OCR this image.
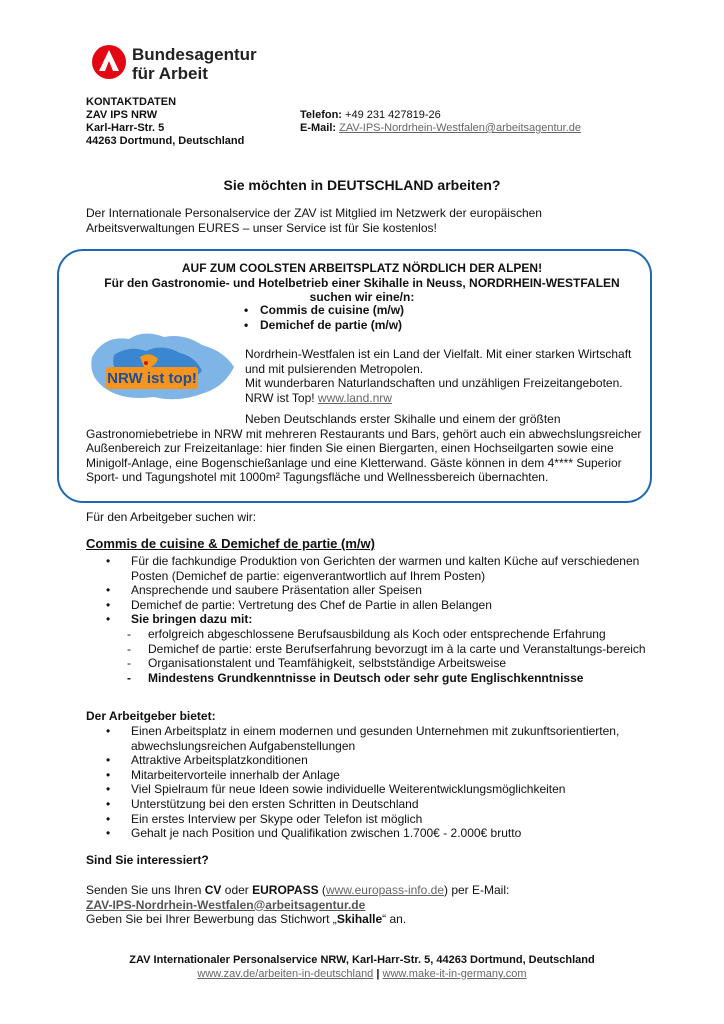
Bundesagentur
für Arbeit
KONTAKTDATEN
ZAV IPS NRW
Karl-Harr-Str. 5
44263 Dortmund, Deutschland
Telefon: +49 231 427819-26
E-Mail: ZAV-IPS-Nordrhein-Westfalen@arbeitsagentur.de
Sie möchten in DEUTSCHLAND arbeiten?
Der Internationale Personalservice der ZAV ist Mitglied im Netzwerk der europäischen Arbeitsverwaltungen EURES – unser Service ist für Sie kostenlos!
AUF ZUM COOLSTEN ARBEITSPLATZ NÖRDLICH DER ALPEN!
Für den Gastronomie- und Hotelbetrieb einer Skihalle in Neuss, NORDRHEIN-WESTFALEN
suchen wir eine/n:
• Commis de cuisine (m/w)
• Demichef de partie (m/w)
NRW ist top!
Nordrhein-Westfalen ist ein Land der Vielfalt. Mit einer starken Wirtschaft und mit pulsierenden Metropolen.
Mit wunderbaren Naturlandschaften und unzähligen Freizeitangeboten.
NRW ist Top! www.land.nrw
Neben Deutschlands erster Skihalle und einem der größten Gastronomiebetriebe in NRW mit mehreren Restaurants und Bars, gehört auch ein abwechslungsreicher Außenbereich zur Freizeitanlage: hier finden Sie einen Biergarten, einen Hochseilgarten sowie eine Minigolf-Anlage, eine Bogenschießanlage und eine Kletterwand. Gäste können in dem 4**** Superior Sport- und Tagungshotel mit 1000m² Tagungsfläche und Wellnessbereich übernachten.
Für den Arbeitgeber suchen wir:
Commis de cuisine & Demichef de partie (m/w)
• Für die fachkundige Produktion von Gerichten der warmen und kalten Küche auf verschiedenen Posten (Demichef de partie: eigenverantwortlich auf Ihrem Posten)
• Ansprechende und saubere Präsentation aller Speisen
• Demichef de partie: Vertretung des Chef de Partie in allen Belangen
• Sie bringen dazu mit:
- erfolgreich abgeschlossene Berufsausbildung als Koch oder entsprechende Erfahrung
- Demichef de partie: erste Berufserfahrung bevorzugt im à la carte und Veranstaltungs-bereich
- Organisationstalent und Teamfähigkeit, selbstständige Arbeitsweise
- Mindestens Grundkenntnisse in Deutsch oder sehr gute Englischkenntnisse
Der Arbeitgeber bietet:
• Einen Arbeitsplatz in einem modernen und gesunden Unternehmen mit zukunftsorientierten, abwechslungsreichen Aufgabenstellungen
• Attraktive Arbeitsplatzkonditionen
• Mitarbeitervorteile innerhalb der Anlage
• Viel Spielraum für neue Ideen sowie individuelle Weiterentwicklungsmöglichkeiten
• Unterstützung bei den ersten Schritten in Deutschland
• Ein erstes Interview per Skype oder Telefon ist möglich
• Gehalt je nach Position und Qualifikation zwischen 1.700€ - 2.000€ brutto
Sind Sie interessiert?
Senden Sie uns Ihren CV oder EUROPASS (www.europass-info.de) per E-Mail:
ZAV-IPS-Nordrhein-Westfalen@arbeitsagentur.de
Geben Sie bei Ihrer Bewerbung das Stichwort „Skihalle“ an.
ZAV Internationaler Personalservice NRW, Karl-Harr-Str. 5, 44263 Dortmund, Deutschland
www.zav.de/arbeiten-in-deutschland | www.make-it-in-germany.com
